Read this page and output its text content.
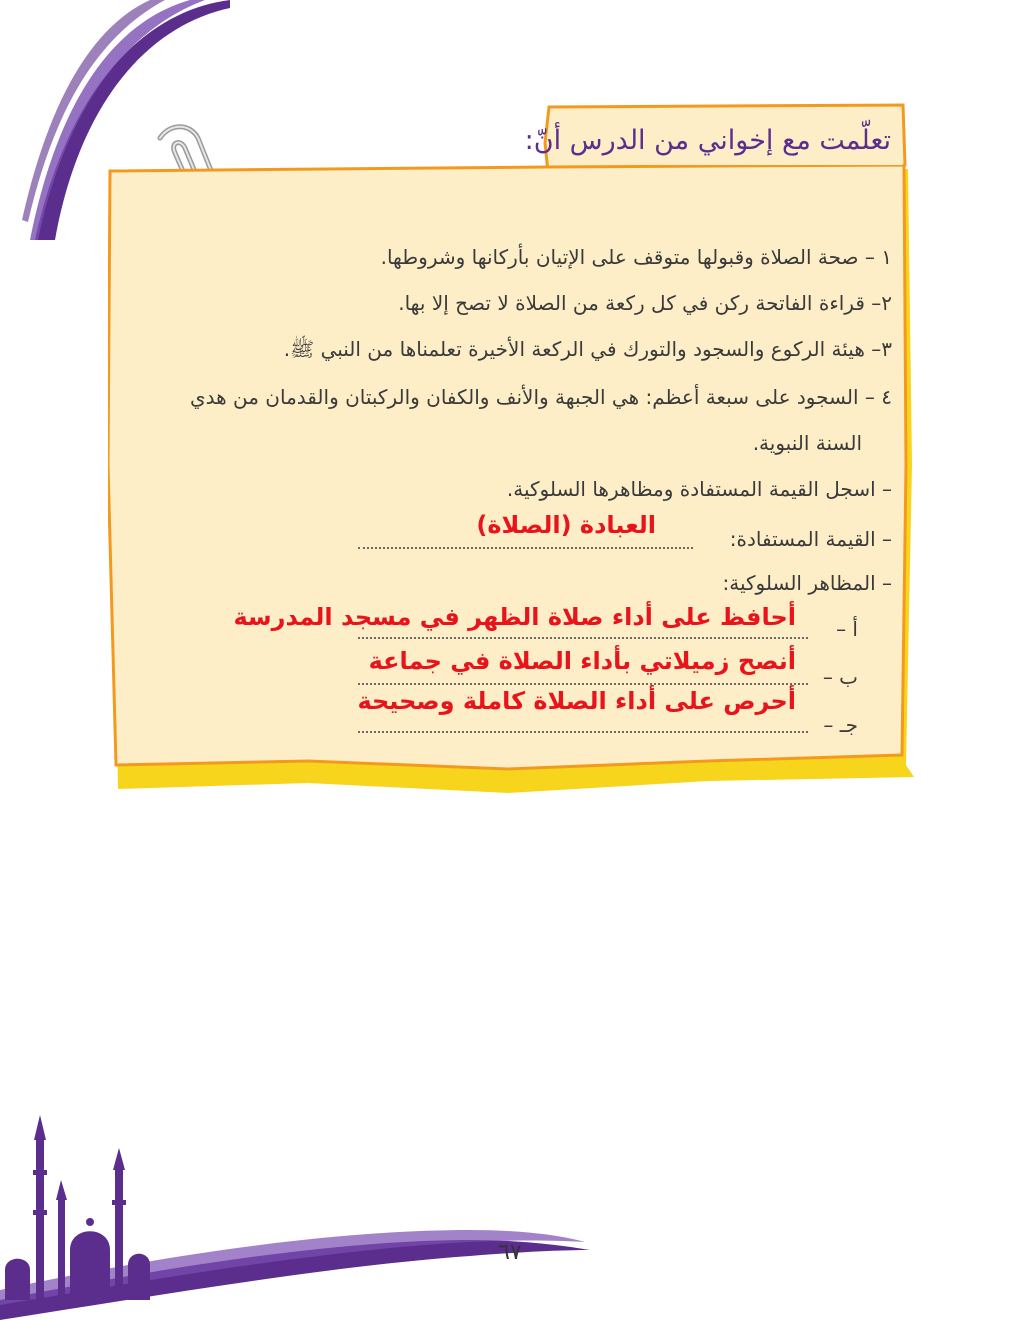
تعلّمت مع إخواني من الدرس أنّ:
١ – صحة الصلاة وقبولها متوقف على الإتيان بأركانها وشروطها.
٢– قراءة الفاتحة ركن في كل ركعة من الصلاة لا تصح إلا بها.
٣– هيئة الركوع والسجود والتورك في الركعة الأخيرة تعلمناها من النبي ﷺ.
٤ – السجود على سبعة أعظم: هي الجبهة والأنف والكفان والركبتان والقدمان من هدي
السنة النبوية.
– اسجل القيمة المستفادة ومظاهرها السلوكية.
– القيمة المستفادة:
العبادة (الصلاة)
– المظاهر السلوكية:
أ –
أحافظ على أداء صلاة الظهر في مسجد المدرسة
ب –
أنصح زميلاتي بأداء الصلاة في جماعة
جـ –
أحرص على أداء الصلاة كاملة وصحيحة
٦٧
